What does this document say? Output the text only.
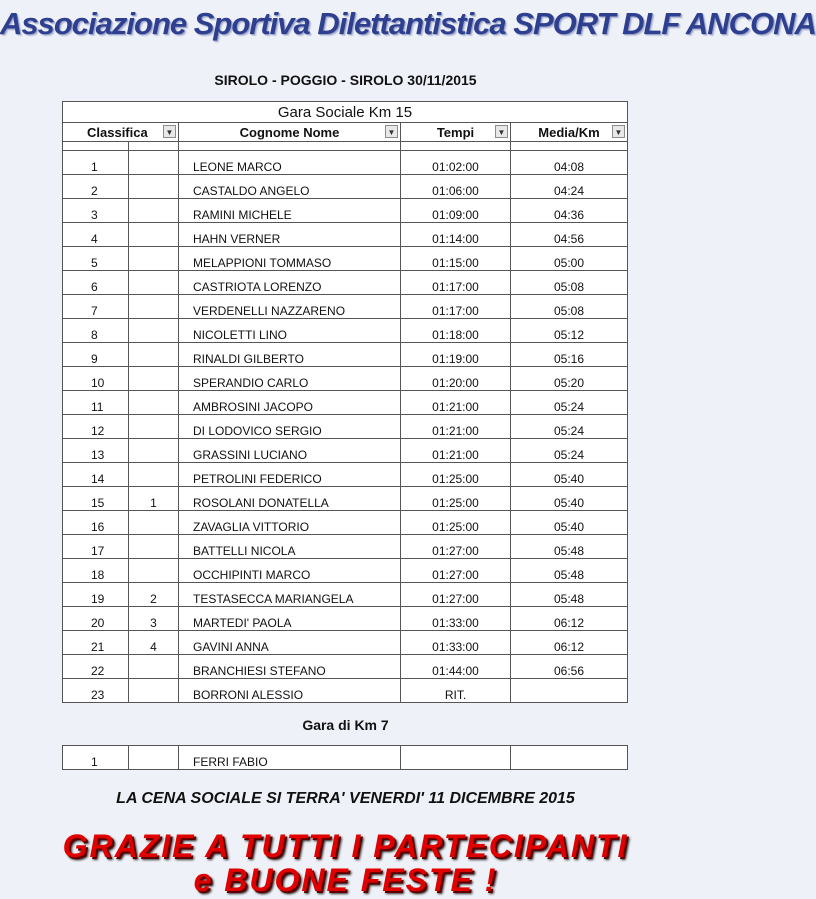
Associazione Sportiva Dilettantistica SPORT DLF ANCONA
SIROLO - POGGIO - SIROLO 30/11/2015
Gara Sociale Km 15				
Classifica ▼		Cognome Nome ▼	Tempi ▼	Media/Km ▼

1		LEONE MARCO	01:02:00	04:08
2		CASTALDO ANGELO	01:06:00	04:24
3		RAMINI MICHELE	01:09:00	04:36
4		HAHN VERNER	01:14:00	04:56
5		MELAPPIONI TOMMASO	01:15:00	05:00
6		CASTRIOTA LORENZO	01:17:00	05:08
7		VERDENELLI NAZZARENO	01:17:00	05:08
8		NICOLETTI LINO	01:18:00	05:12
9		RINALDI GILBERTO	01:19:00	05:16
10		SPERANDIO CARLO	01:20:00	05:20
11		AMBROSINI JACOPO	01:21:00	05:24
12		DI LODOVICO SERGIO	01:21:00	05:24
13		GRASSINI LUCIANO	01:21:00	05:24
14		PETROLINI FEDERICO	01:25:00	05:40
15	1	ROSOLANI DONATELLA	01:25:00	05:40
16		ZAVAGLIA VITTORIO	01:25:00	05:40
17		BATTELLI NICOLA	01:27:00	05:48
18		OCCHIPINTI MARCO	01:27:00	05:48
19	2	TESTASECCA MARIANGELA	01:27:00	05:48
20	3	MARTEDI' PAOLA	01:33:00	06:12
21	4	GAVINI ANNA	01:33:00	06:12
22		BRANCHIESI STEFANO	01:44:00	06:56
23		BORRONI ALESSIO	RIT.	
Gara di Km 7
1		FERRI FABIO		
LA CENA SOCIALE SI TERRA' VENERDI' 11 DICEMBRE 2015
GRAZIE A TUTTI I PARTECIPANTI
e BUONE FESTE !
